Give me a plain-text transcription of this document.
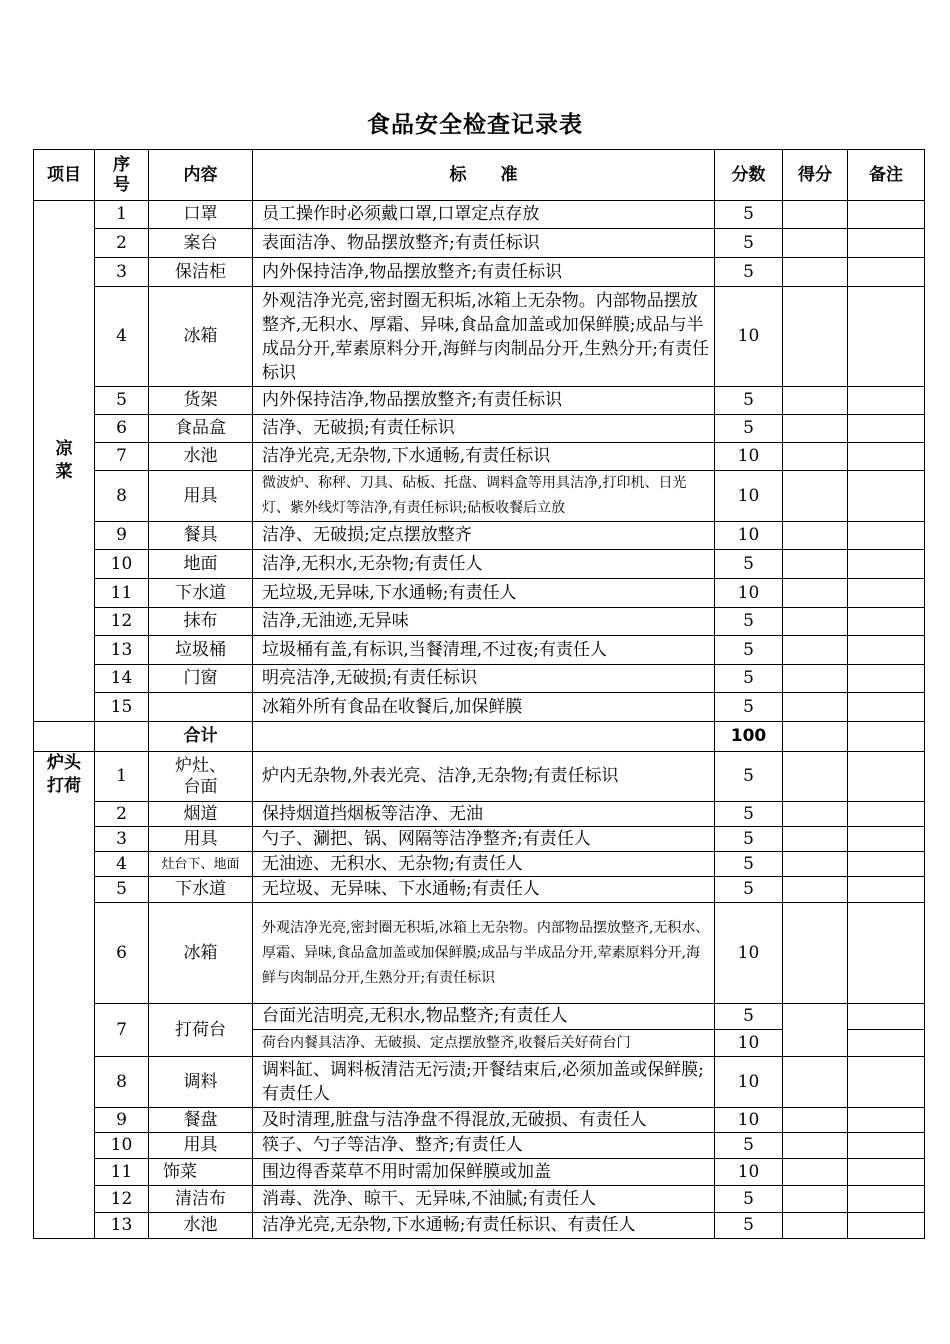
食品安全检查记录表
项目	序号	内容	标　　准	分数	得分	备注

凉菜	1	口罩	员工操作时必须戴口罩,口罩定点存放	5		
	2	案台	表面洁净、物品摆放整齐;有责任标识	5		
	3	保洁柜	内外保持洁净,物品摆放整齐;有责任标识	5		
	4	冰箱	外观洁净光亮,密封圈无积垢,冰箱上无杂物。内部物品摆放整齐,无积水、厚霜、异味,食品盒加盖或加保鲜膜;成品与半成品分开,荤素原料分开,海鲜与肉制品分开,生熟分开;有责任标识	10		
	5	货架	内外保持洁净,物品摆放整齐;有责任标识	5		
	6	食品盒	洁净、无破损;有责任标识	5		
	7	水池	洁净光亮,无杂物,下水通畅,有责任标识	10		
	8	用具	微波炉、称秤、刀具、砧板、托盘、调料盒等用具洁净,打印机、日光灯、紫外线灯等洁净,有责任标识;砧板收餐后立放	10		
	9	餐具	洁净、无破损;定点摆放整齐	10		
	10	地面	洁净,无积水,无杂物;有责任人	5		
	11	下水道	无垃圾,无异味,下水通畅;有责任人	10		
	12	抹布	洁净,无油迹,无异味	5		
	13	垃圾桶	垃圾桶有盖,有标识,当餐清理,不过夜;有责任人	5		
	14	门窗	明亮洁净,无破损;有责任标识	5		
	15		冰箱外所有食品在收餐后,加保鲜膜	5		
		合计		100		

炉头打荷	1	炉灶、台面	炉内无杂物,外表光亮、洁净,无杂物;有责任标识	5		
	2	烟道	保持烟道挡烟板等洁净、无油	5		
	3	用具	勺子、涮把、锅、网隔等洁净整齐;有责任人	5		
	4	灶台下、地面	无油迹、无积水、无杂物;有责任人	5		
	5	下水道	无垃圾、无异味、下水通畅;有责任人	5		
	6	冰箱	外观洁净光亮,密封圈无积垢,冰箱上无杂物。内部物品摆放整齐,无积水、厚霜、异味,食品盒加盖或加保鲜膜;成品与半成品分开,荤素原料分开,海鲜与肉制品分开,生熟分开;有责任标识	10		
	7	打荷台	台面光洁明亮,无积水,物品整齐;有责任人	5		
			荷台内餐具洁净、无破损、定点摆放整齐,收餐后关好荷台门	10		
	8	调料	调料缸、调料板清洁无污渍;开餐结束后,必须加盖或保鲜膜;有责任人	10		
	9	餐盘	及时清理,脏盘与洁净盘不得混放,无破损、有责任人	10		
	10	用具	筷子、勺子等洁净、整齐;有责任人	5		
	11	饰菜	围边得香菜草不用时需加保鲜膜或加盖	10		
	12	清洁布	消毒、洗净、晾干、无异味,不油腻;有责任人	5		
	13	水池	洁净光亮,无杂物,下水通畅;有责任标识、有责任人	5		
